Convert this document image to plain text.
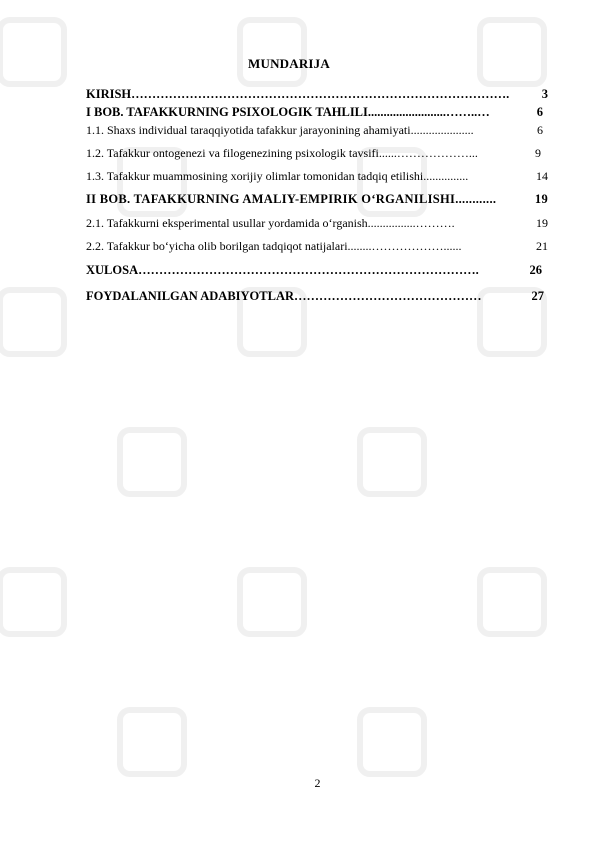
MUNDARIJA
KIRISH ……………………………………………………………………………….	3
I BOB. TAFAKKURNING PSIXOLOGIK TAHLILI .........................……..…	6
1.1. Shaxs individual taraqqiyotida tafakkur jarayonining ahamiyati .....................	6
1.2. Tafakkur ontogenezi va filogenezining psixologik tavsifi ......………………...	9
1.3. Tafakkur muammosining xorijiy olimlar tomonidan tadqiq etilishi ...............	14
II BOB. TAFAKKURNING AMALIY-EMPIRIK O‘RGANILISHI ............	19
2.1. Tafakkurni eksperimental usullar yordamida o‘rganish ................……….	19
2.2. Tafakkur bo‘yicha olib borilgan tadqiqot natijalari ........………………......	21
XULOSA ……………………………………………………………………….	26
FOYDALANILGAN ADABIYOTLAR ………………………………………	27
2
